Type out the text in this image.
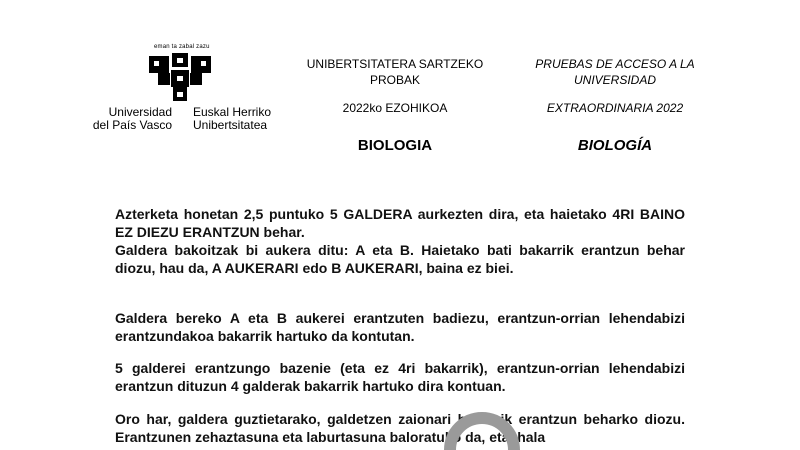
eman ta zabal zazu
Universidad
del País Vasco
Euskal Herriko
Unibertsitatea
UNIBERTSITATERA SARTZEKO
PROBAK
2022ko EZOHIKOA
BIOLOGIA
PRUEBAS DE ACCESO A LA
UNIVERSIDAD
EXTRAORDINARIA 2022
BIOLOGÍA

Azterketa honetan 2,5 puntuko 5 GALDERA aurkezten dira, eta haietako 4RI BAINO EZ DIEZU ERANTZUN behar.

Galdera bakoitzak bi aukera ditu: A eta B. Haietako bati bakarrik erantzun behar diozu, hau da, A AUKERARI edo B AUKERARI, baina ez biei.

Galdera bereko A eta B aukerei erantzuten badiezu, erantzun-orrian lehendabizi erantzundakoa bakarrik hartuko da kontutan.

5 galderei erantzungo bazenie (eta ez 4ri bakarrik), erantzun-orrian lehendabizi erantzun dituzun 4 galderak bakarrik hartuko dira kontuan.

Oro har, galdera guztietarako, galdetzen zaionari bakarrik erantzun beharko diozu. Erantzunen zehaztasuna eta laburtasuna baloratuko da, eta, hala
